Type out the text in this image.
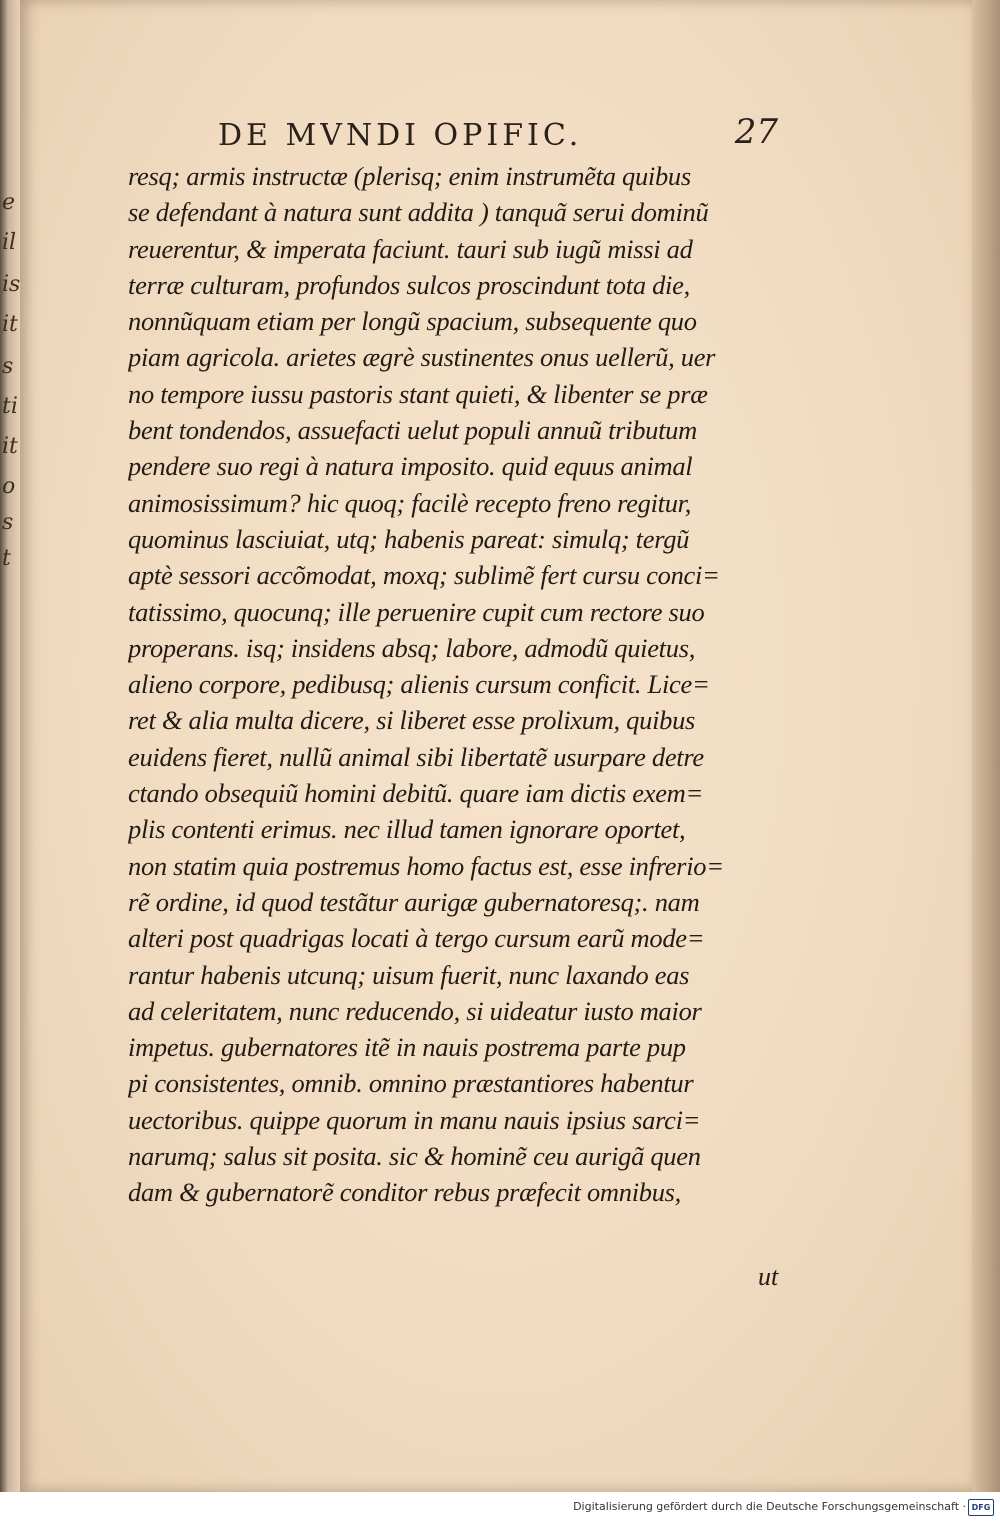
e
il
is
it
s
ti
it
o
s
t
DE MVNDI OPIFIC.	27
resq; armis instructæ (plerisq; enim instrumẽta quibus
se defendant à natura sunt addita ) tanquã serui dominũ
reuerentur, & imperata faciunt. tauri sub iugũ missi ad
terræ culturam, profundos sulcos proscindunt tota die,
nonnũquam etiam per longũ spacium, subsequente quo
piam agricola. arietes ægrè sustinentes onus uellerũ, uer
no tempore iussu pastoris stant quieti, & libenter se præ
bent tondendos, assuefacti uelut populi annuũ tributum
pendere suo regi à natura imposito. quid equus animal
animosissimum? hic quoq; facilè recepto freno regitur,
quominus lasciuiat, utq; habenis pareat: simulq; tergũ
aptè sessori accõmodat, moxq; sublimẽ fert cursu conci=
tatissimo, quocunq; ille peruenire cupit cum rectore suo
properans. isq; insidens absq; labore, admodũ quietus,
alieno corpore, pedibusq; alienis cursum conficit. Lice=
ret & alia multa dicere, si liberet esse prolixum, quibus
euidens fieret, nullũ animal sibi libertatẽ usurpare detre
ctando obsequiũ homini debitũ. quare iam dictis exem=
plis contenti erimus. nec illud tamen ignorare oportet,
non statim quia postremus homo factus est, esse infrerio=
rẽ ordine, id quod testãtur aurigæ gubernatoresq;. nam
alteri post quadrigas locati à tergo cursum earũ mode=
rantur habenis utcunq; uisum fuerit, nunc laxando eas
ad celeritatem, nunc reducendo, si uideatur iusto maior
impetus. gubernatores itẽ in nauis postrema parte pup
pi consistentes, omnib. omnino præstantiores habentur
uectoribus. quippe quorum in manu nauis ipsius sarci=
narumq; salus sit posita. sic & hominẽ ceu aurigã quen
dam & gubernatorẽ conditor rebus præfecit omnibus,
ut
Digitalisierung gefördert durch die Deutsche Forschungsgemeinschaft · DFG
